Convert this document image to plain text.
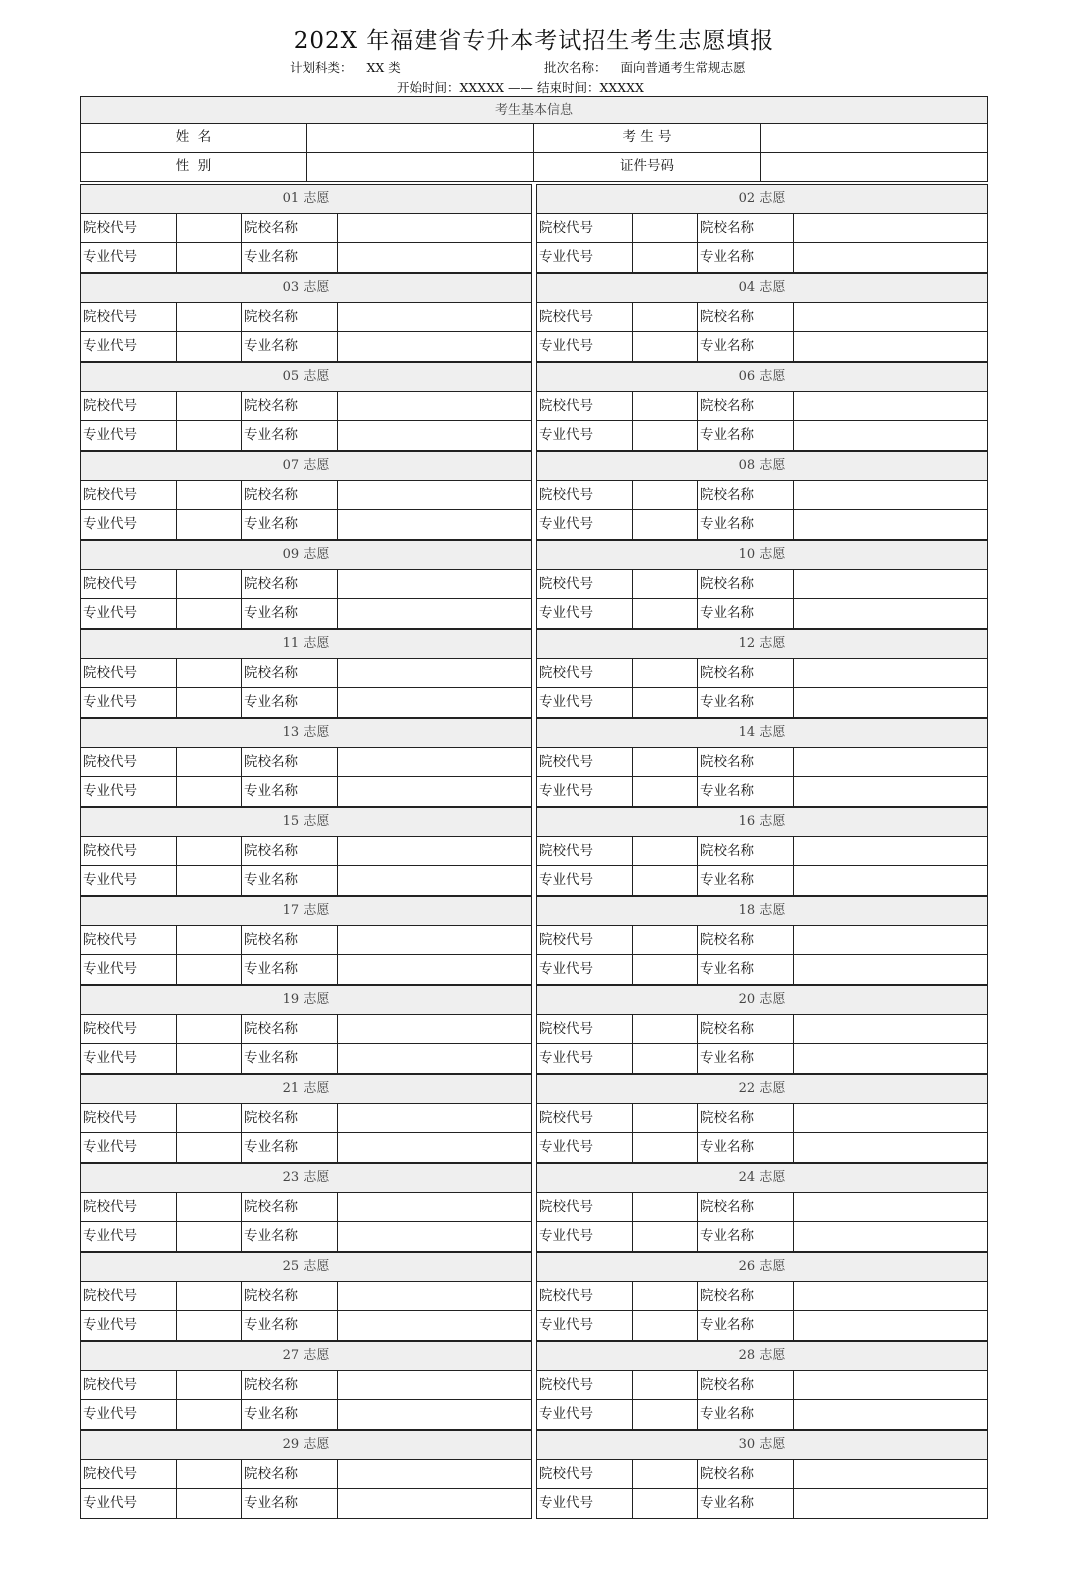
202X 年福建省专升本考试招生考生志愿填报
计划科类： XX 类	批次名称： 面向普通考生常规志愿
开始时间：XXXXX —— 结束时间：XXXXX
考生基本信息
姓  名	考 生 号
性  别	证件号码
01 志愿
院校代号	院校名称
专业代号	专业名称
02 志愿
院校代号	院校名称
专业代号	专业名称
03 志愿
院校代号	院校名称
专业代号	专业名称
04 志愿
院校代号	院校名称
专业代号	专业名称
05 志愿
院校代号	院校名称
专业代号	专业名称
06 志愿
院校代号	院校名称
专业代号	专业名称
07 志愿
院校代号	院校名称
专业代号	专业名称
08 志愿
院校代号	院校名称
专业代号	专业名称
09 志愿
院校代号	院校名称
专业代号	专业名称
10 志愿
院校代号	院校名称
专业代号	专业名称
11 志愿
院校代号	院校名称
专业代号	专业名称
12 志愿
院校代号	院校名称
专业代号	专业名称
13 志愿
院校代号	院校名称
专业代号	专业名称
14 志愿
院校代号	院校名称
专业代号	专业名称
15 志愿
院校代号	院校名称
专业代号	专业名称
16 志愿
院校代号	院校名称
专业代号	专业名称
17 志愿
院校代号	院校名称
专业代号	专业名称
18 志愿
院校代号	院校名称
专业代号	专业名称
19 志愿
院校代号	院校名称
专业代号	专业名称
20 志愿
院校代号	院校名称
专业代号	专业名称
21 志愿
院校代号	院校名称
专业代号	专业名称
22 志愿
院校代号	院校名称
专业代号	专业名称
23 志愿
院校代号	院校名称
专业代号	专业名称
24 志愿
院校代号	院校名称
专业代号	专业名称
25 志愿
院校代号	院校名称
专业代号	专业名称
26 志愿
院校代号	院校名称
专业代号	专业名称
27 志愿
院校代号	院校名称
专业代号	专业名称
28 志愿
院校代号	院校名称
专业代号	专业名称
29 志愿
院校代号	院校名称
专业代号	专业名称
30 志愿
院校代号	院校名称
专业代号	专业名称
